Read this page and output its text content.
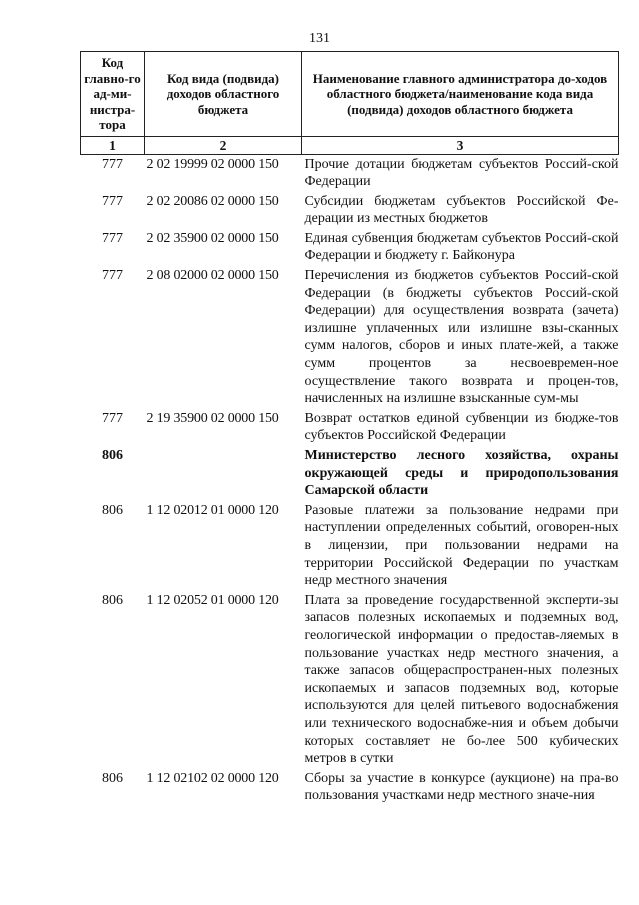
131
Код главно-го ад-ми-нистра-тора	Код вида (подвида) доходов областного бюджета	Наименование главного администратора до-ходов областного бюджета/наименование кода вида (подвида) доходов областного бюджета
1	2	3
777	2 02 19999 02 0000 150	Прочие дотации бюджетам субъектов Россий-ской Федерации
777	2 02 20086 02 0000 150	Субсидии бюджетам субъектов Российской Фе-дерации из местных бюджетов
777	2 02 35900 02 0000 150	Единая субвенция бюджетам субъектов Россий-ской Федерации и бюджету г. Байконура
777	2 08 02000 02 0000 150	Перечисления из бюджетов субъектов Россий-ской Федерации (в бюджеты субъектов Россий-ской Федерации) для осуществления возврата (зачета) излишне уплаченных или излишне взы-сканных сумм налогов, сборов и иных плате-жей, а также сумм процентов за несвоевремен-ное осуществление такого возврата и процен-тов, начисленных на излишне взысканные сум-мы
777	2 19 35900 02 0000 150	Возврат остатков единой субвенции из бюдже-тов субъектов Российской Федерации
806		Министерство лесного хозяйства, охраны окружающей среды и природопользования Самарской области
806	1 12 02012 01 0000 120	Разовые платежи за пользование недрами при наступлении определенных событий, оговорен-ных в лицензии, при пользовании недрами на территории Российской Федерации по участкам недр местного значения
806	1 12 02052 01 0000 120	Плата за проведение государственной эксперти-зы запасов полезных ископаемых и подземных вод, геологической информации о предостав-ляемых в пользование участках недр местного значения, а также запасов общераспространен-ных полезных ископаемых и запасов подземных вод, которые используются для целей питьевого водоснабжения или технического водоснабже-ния и объем добычи которых составляет не бо-лее 500 кубических метров в сутки
806	1 12 02102 02 0000 120	Сборы за участие в конкурсе (аукционе) на пра-во пользования участками недр местного значе-ния
